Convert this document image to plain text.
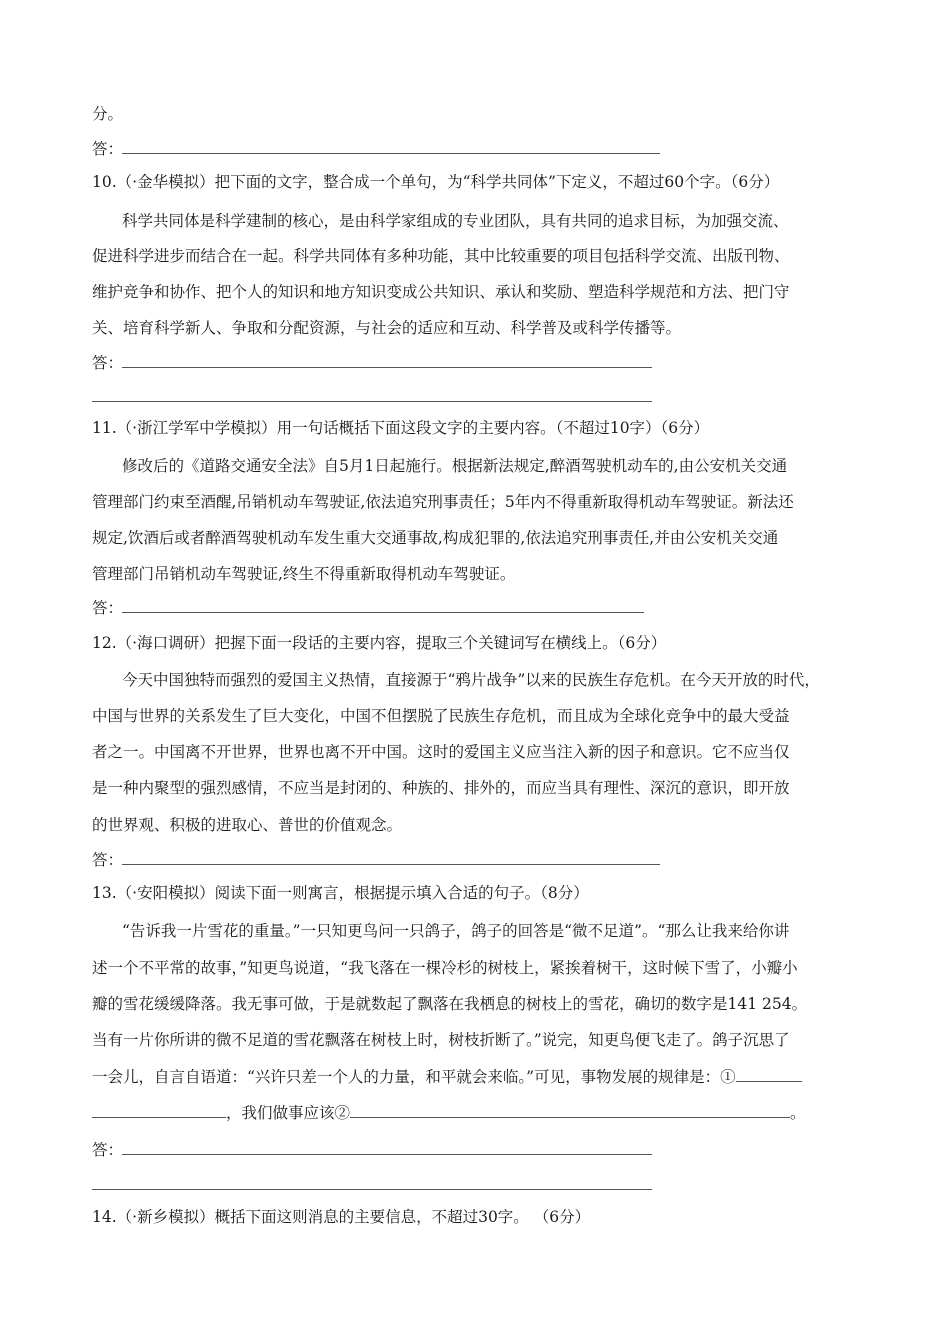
分。
答：
10.（·金华模拟）把下面的文字，整合成一个单句，为“科学共同体”下定义，不超过60个字。（6分）
科学共同体是科学建制的核心，是由科学家组成的专业团队，具有共同的追求目标，为加强交流、
促进科学进步而结合在一起。科学共同体有多种功能，其中比较重要的项目包括科学交流、出版刊物、
维护竞争和协作、把个人的知识和地方知识变成公共知识、承认和奖励、塑造科学规范和方法、把门守
关、培育科学新人、争取和分配资源，与社会的适应和互动、科学普及或科学传播等。
答：
11.（·浙江学军中学模拟）用一句话概括下面这段文字的主要内容。（不超过10字）（6分）
修改后的《道路交通安全法》自5月1日起施行。根据新法规定,醉酒驾驶机动车的,由公安机关交通
管理部门约束至酒醒,吊销机动车驾驶证,依法追究刑事责任；5年内不得重新取得机动车驾驶证。新法还
规定,饮酒后或者醉酒驾驶机动车发生重大交通事故,构成犯罪的,依法追究刑事责任,并由公安机关交通
管理部门吊销机动车驾驶证,终生不得重新取得机动车驾驶证。
答：
12.（·海口调研）把握下面一段话的主要内容，提取三个关键词写在横线上。（6分）
今天中国独特而强烈的爱国主义热情，直接源于“鸦片战争”以来的民族生存危机。在今天开放的时代，
中国与世界的关系发生了巨大变化，中国不但摆脱了民族生存危机，而且成为全球化竞争中的最大受益
者之一。中国离不开世界，世界也离不开中国。这时的爱国主义应当注入新的因子和意识。它不应当仅
是一种内聚型的强烈感情，不应当是封闭的、种族的、排外的，而应当具有理性、深沉的意识，即开放
的世界观、积极的进取心、普世的价值观念。
答：
13.（·安阳模拟）阅读下面一则寓言，根据提示填入合适的句子。（8分）
“告诉我一片雪花的重量。”一只知更鸟问一只鸽子，鸽子的回答是“微不足道”。“那么让我来给你讲
述一个不平常的故事，”知更鸟说道，“我飞落在一棵冷杉的树枝上，紧挨着树干，这时候下雪了，小瓣小
瓣的雪花缓缓降落。我无事可做，于是就数起了飘落在我栖息的树枝上的雪花，确切的数字是141 254。
当有一片你所讲的微不足道的雪花飘落在树枝上时，树枝折断了。”说完，知更鸟便飞走了。鸽子沉思了
一会儿，自言自语道：“兴许只差一个人的力量，和平就会来临。”可见，事物发展的规律是：①
，我们做事应该②	。
答：
14.（·新乡模拟）概括下面这则消息的主要信息，不超过30字。 （6分）
